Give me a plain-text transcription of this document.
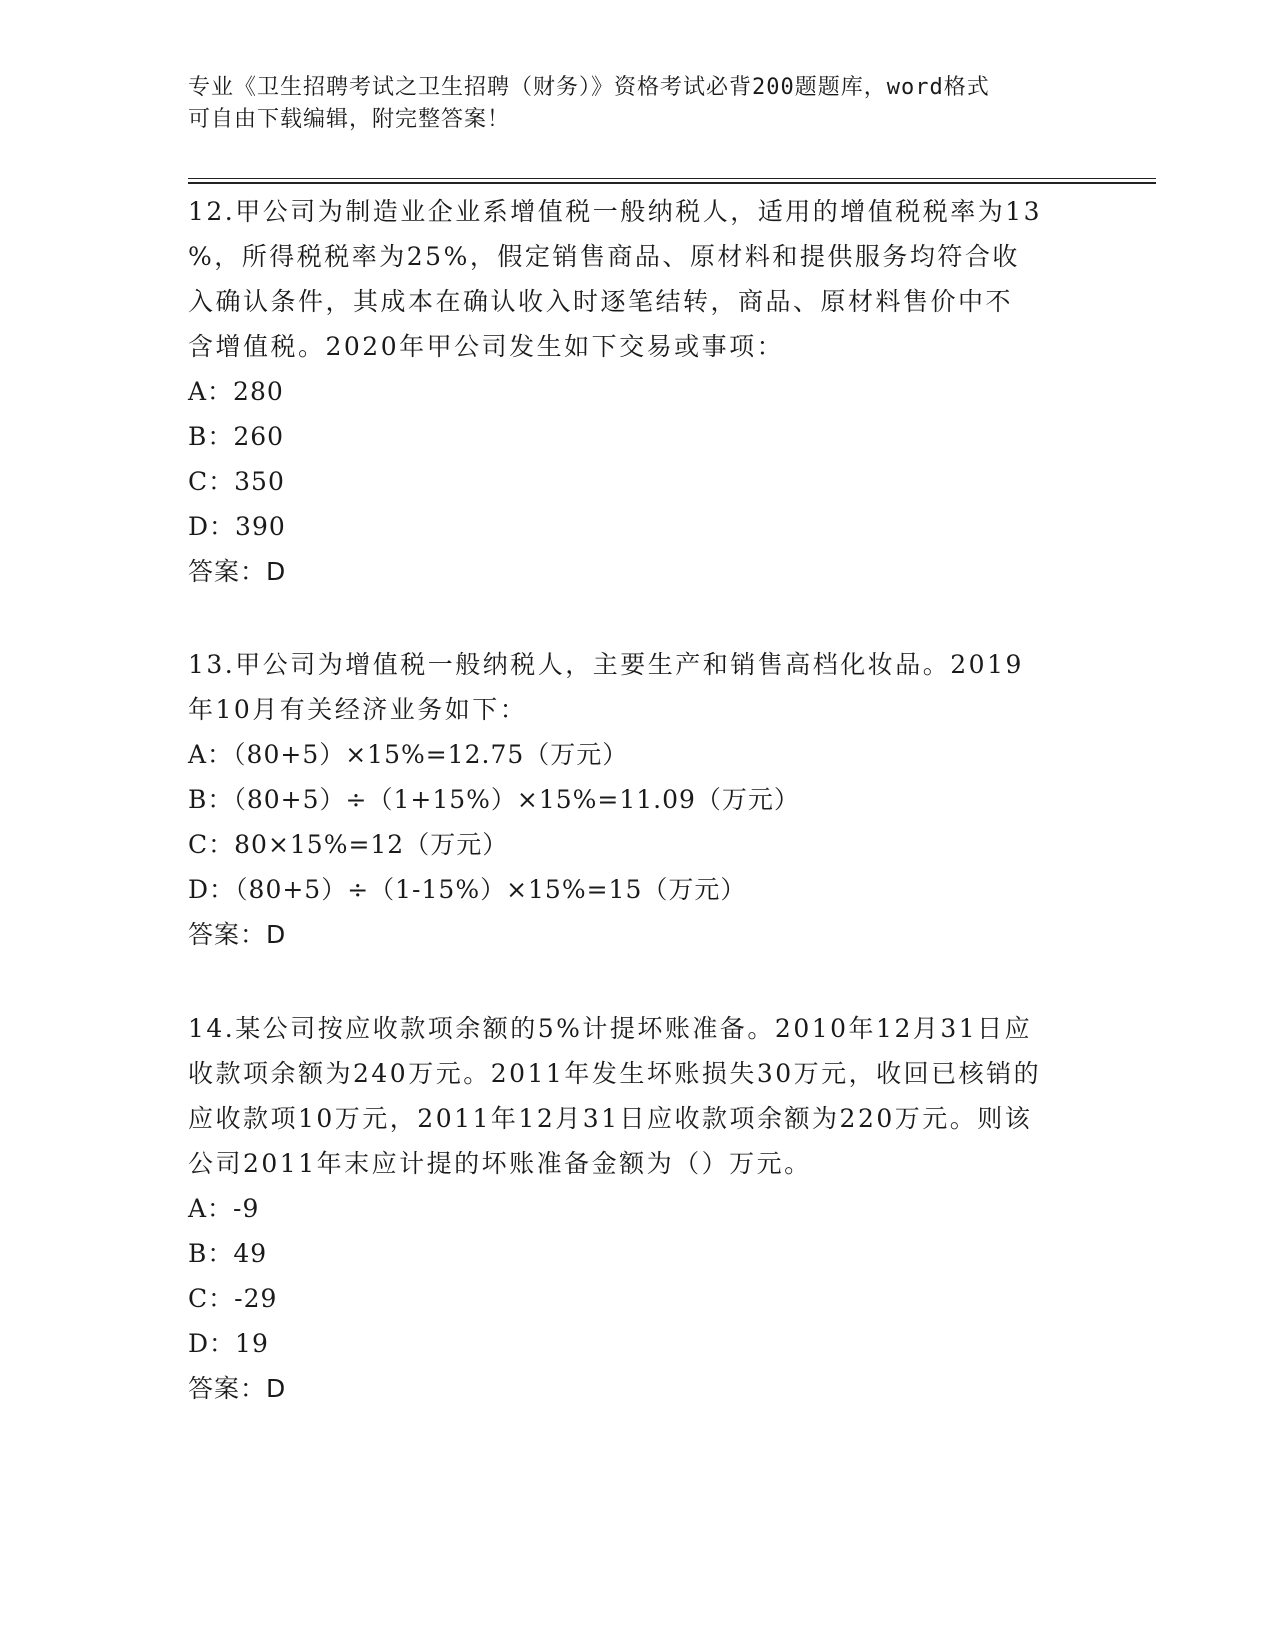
专业《卫生招聘考试之卫生招聘（财务）》资格考试必背200题题库，word格式
可自由下载编辑，附完整答案！
12.甲公司为制造业企业系增值税一般纳税人，适用的增值税税率为13
%，所得税税率为25%，假定销售商品、原材料和提供服务均符合收
入确认条件，其成本在确认收入时逐笔结转，商品、原材料售价中不
含增值税。2020年甲公司发生如下交易或事项：
A：280
B：260
C：350
D：390
答案：D
13.甲公司为增值税一般纳税人，主要生产和销售高档化妆品。2019
年10月有关经济业务如下：
A：（80+5）×15%=12.75（万元）
B：（80+5）÷（1+15%）×15%=11.09（万元）
C：80×15%=12（万元）
D：（80+5）÷（1-15%）×15%=15（万元）
答案：D
14.某公司按应收款项余额的5%计提坏账准备。2010年12月31日应
收款项余额为240万元。2011年发生坏账损失30万元，收回已核销的
应收款项10万元，2011年12月31日应收款项余额为220万元。则该
公司2011年末应计提的坏账准备金额为（）万元。
A：-9
B：49
C：-29
D：19
答案：D
